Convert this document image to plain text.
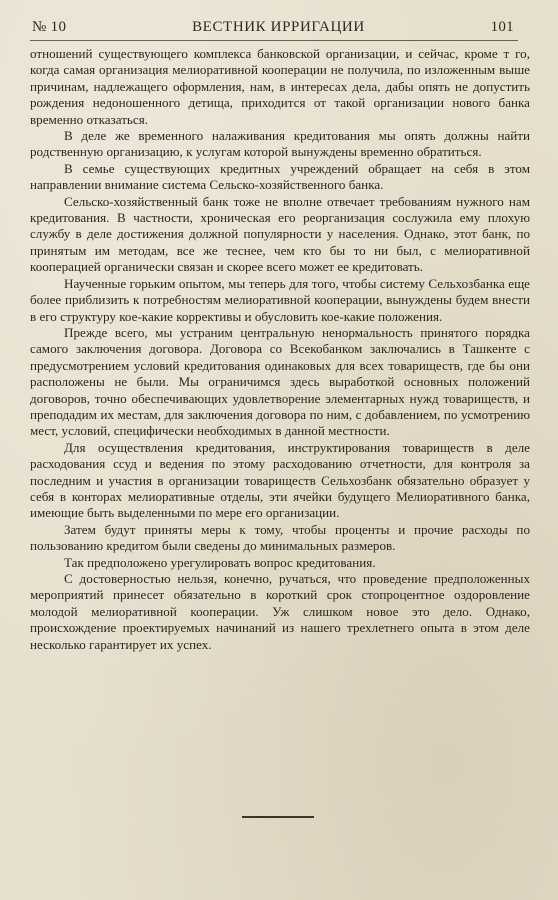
№ 10	ВЕСТНИК ИРРИГАЦИИ	101

отношений существующего комплекса банковской организации, и сейчас, кроме т го, когда самая организация мелиоративной кооперации не получила, по изложенным выше причинам, надлежащего оформления, нам, в интересах дела, дабы опять не допустить рождения недоношенного детища, приходится от такой организации нового банка временно отказаться.

В деле же временного налаживания кредитования мы опять должны найти родственную организацию, к услугам которой вынуждены временно обратиться.

В семье существующих кредитных учреждений обращает на себя в этом направлении внимание система Сельско-хозяйственного банка.

Сельско-хозяйственный банк тоже не вполне отвечает требованиям нужного нам кредитования. В частности, хроническая его реорганизация сослужила ему плохую службу в деле достижения должной популярности у населения. Однако, этот банк, по принятым им методам, все же теснее, чем кто бы то ни был, с мелиоративной кооперацией органически связан и скорее всего может ее кредитовать.

Наученные горьким опытом, мы теперь для того, чтобы систему Сельхозбанка еще более приблизить к потребностям мелиоративной кооперации, вынуждены будем внести в его структуру кое-какие коррективы и обусловить кое-какие положения.

Прежде всего, мы устраним центральную ненормальность принятого порядка самого заключения договора. Договора со Всекобанком заключались в Ташкенте с предусмотрением условий кредитования одинаковых для всех товариществ, где бы они расположены не были. Мы ограничимся здесь выработкой основных положений договоров, точно обеспечивающих удовлетворение элементарных нужд товариществ, и преподадим их местам, для заключения договора по ним, с добавлением, по усмотрению мест, условий, специфически необходимых в данной местности.

Для осуществления кредитования, инструктирования товариществ в деле расходования ссуд и ведения по этому расходованию отчетности, для контроля за последним и участия в организации товариществ Сельхозбанк обязательно образует у себя в конторах мелиоративные отделы, эти ячейки будущего Мелиоративного банка, имеющие быть выделенными по мере его организации.

Затем будут приняты меры к тому, чтобы проценты и прочие расходы по пользованию кредитом были сведены до минимальных размеров.

Так предположено урегулировать вопрос кредитования.

С достоверностью нельзя, конечно, ручаться, что проведение предположенных мероприятий принесет обязательно в короткий срок стопроцентное оздоровление молодой мелиоративной кооперации. Уж слишком новое это дело. Однако, происхождение проектируемых начинаний из нашего трехлетнего опыта в этом деле несколько гарантирует их успех.
